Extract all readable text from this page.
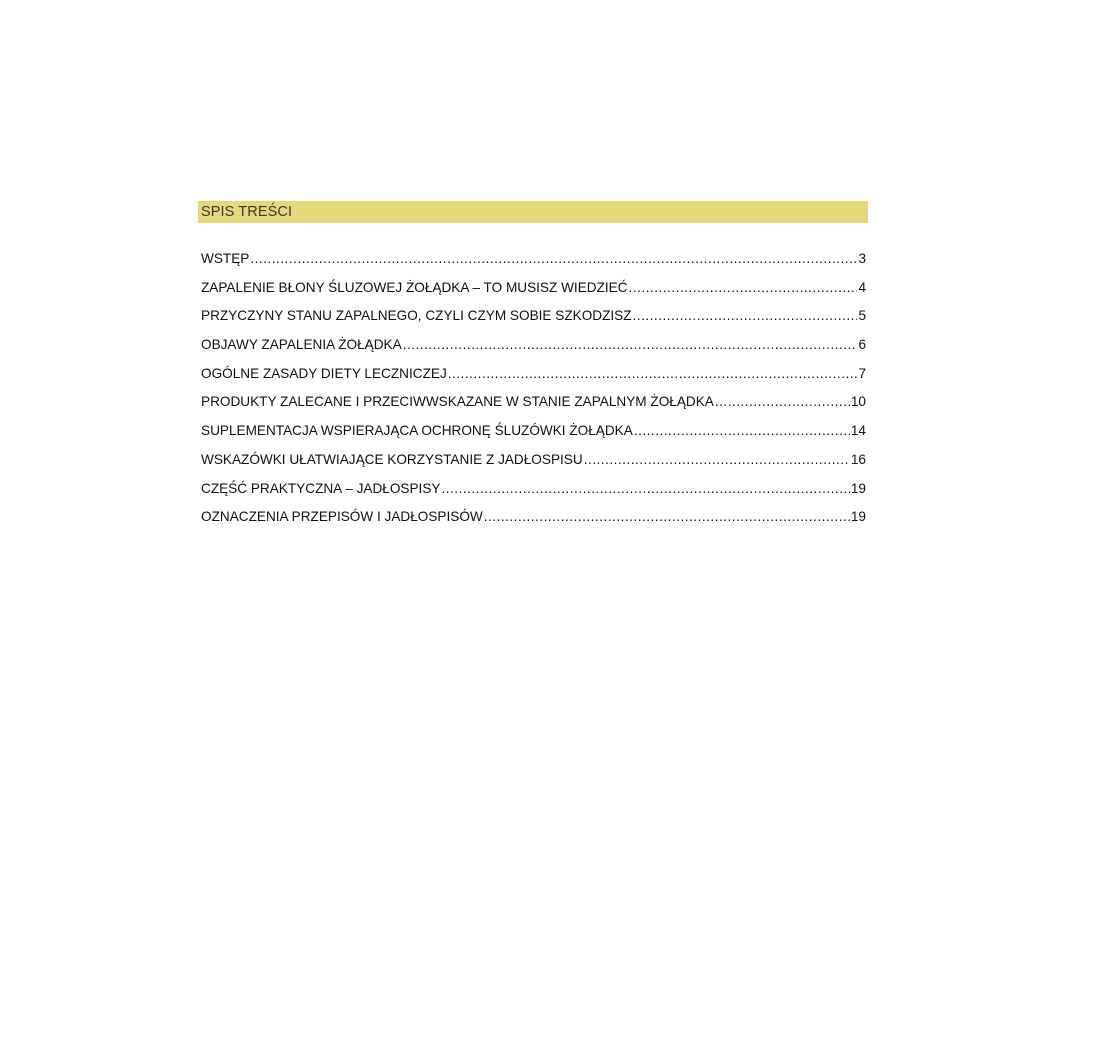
SPIS TREŚCI
WSTĘP .....	3
ZAPALENIE BŁONY ŚLUZOWEJ ŻOŁĄDKA – TO MUSISZ WIEDZIEĆ .....	4
PRZYCZYNY STANU ZAPALNEGO, CZYLI CZYM SOBIE SZKODZISZ .....	5
OBJAWY ZAPALENIA ŻOŁĄDKA .....	6
OGÓLNE ZASADY DIETY LECZNICZEJ .....	7
PRODUKTY ZALECANE I PRZECIWWSKAZANE W STANIE ZAPALNYM ŻOŁĄDKA .....	10
SUPLEMENTACJA WSPIERAJĄCA OCHRONĘ ŚLUZÓWKI ŻOŁĄDKA .....	14
WSKAZÓWKI UŁATWIAJĄCE KORZYSTANIE Z JADŁOSPISU .....	16
CZĘŚĆ PRAKTYCZNA – JADŁOSPISY .....	19
OZNACZENIA PRZEPISÓW I JADŁOSPISÓW .....	19
